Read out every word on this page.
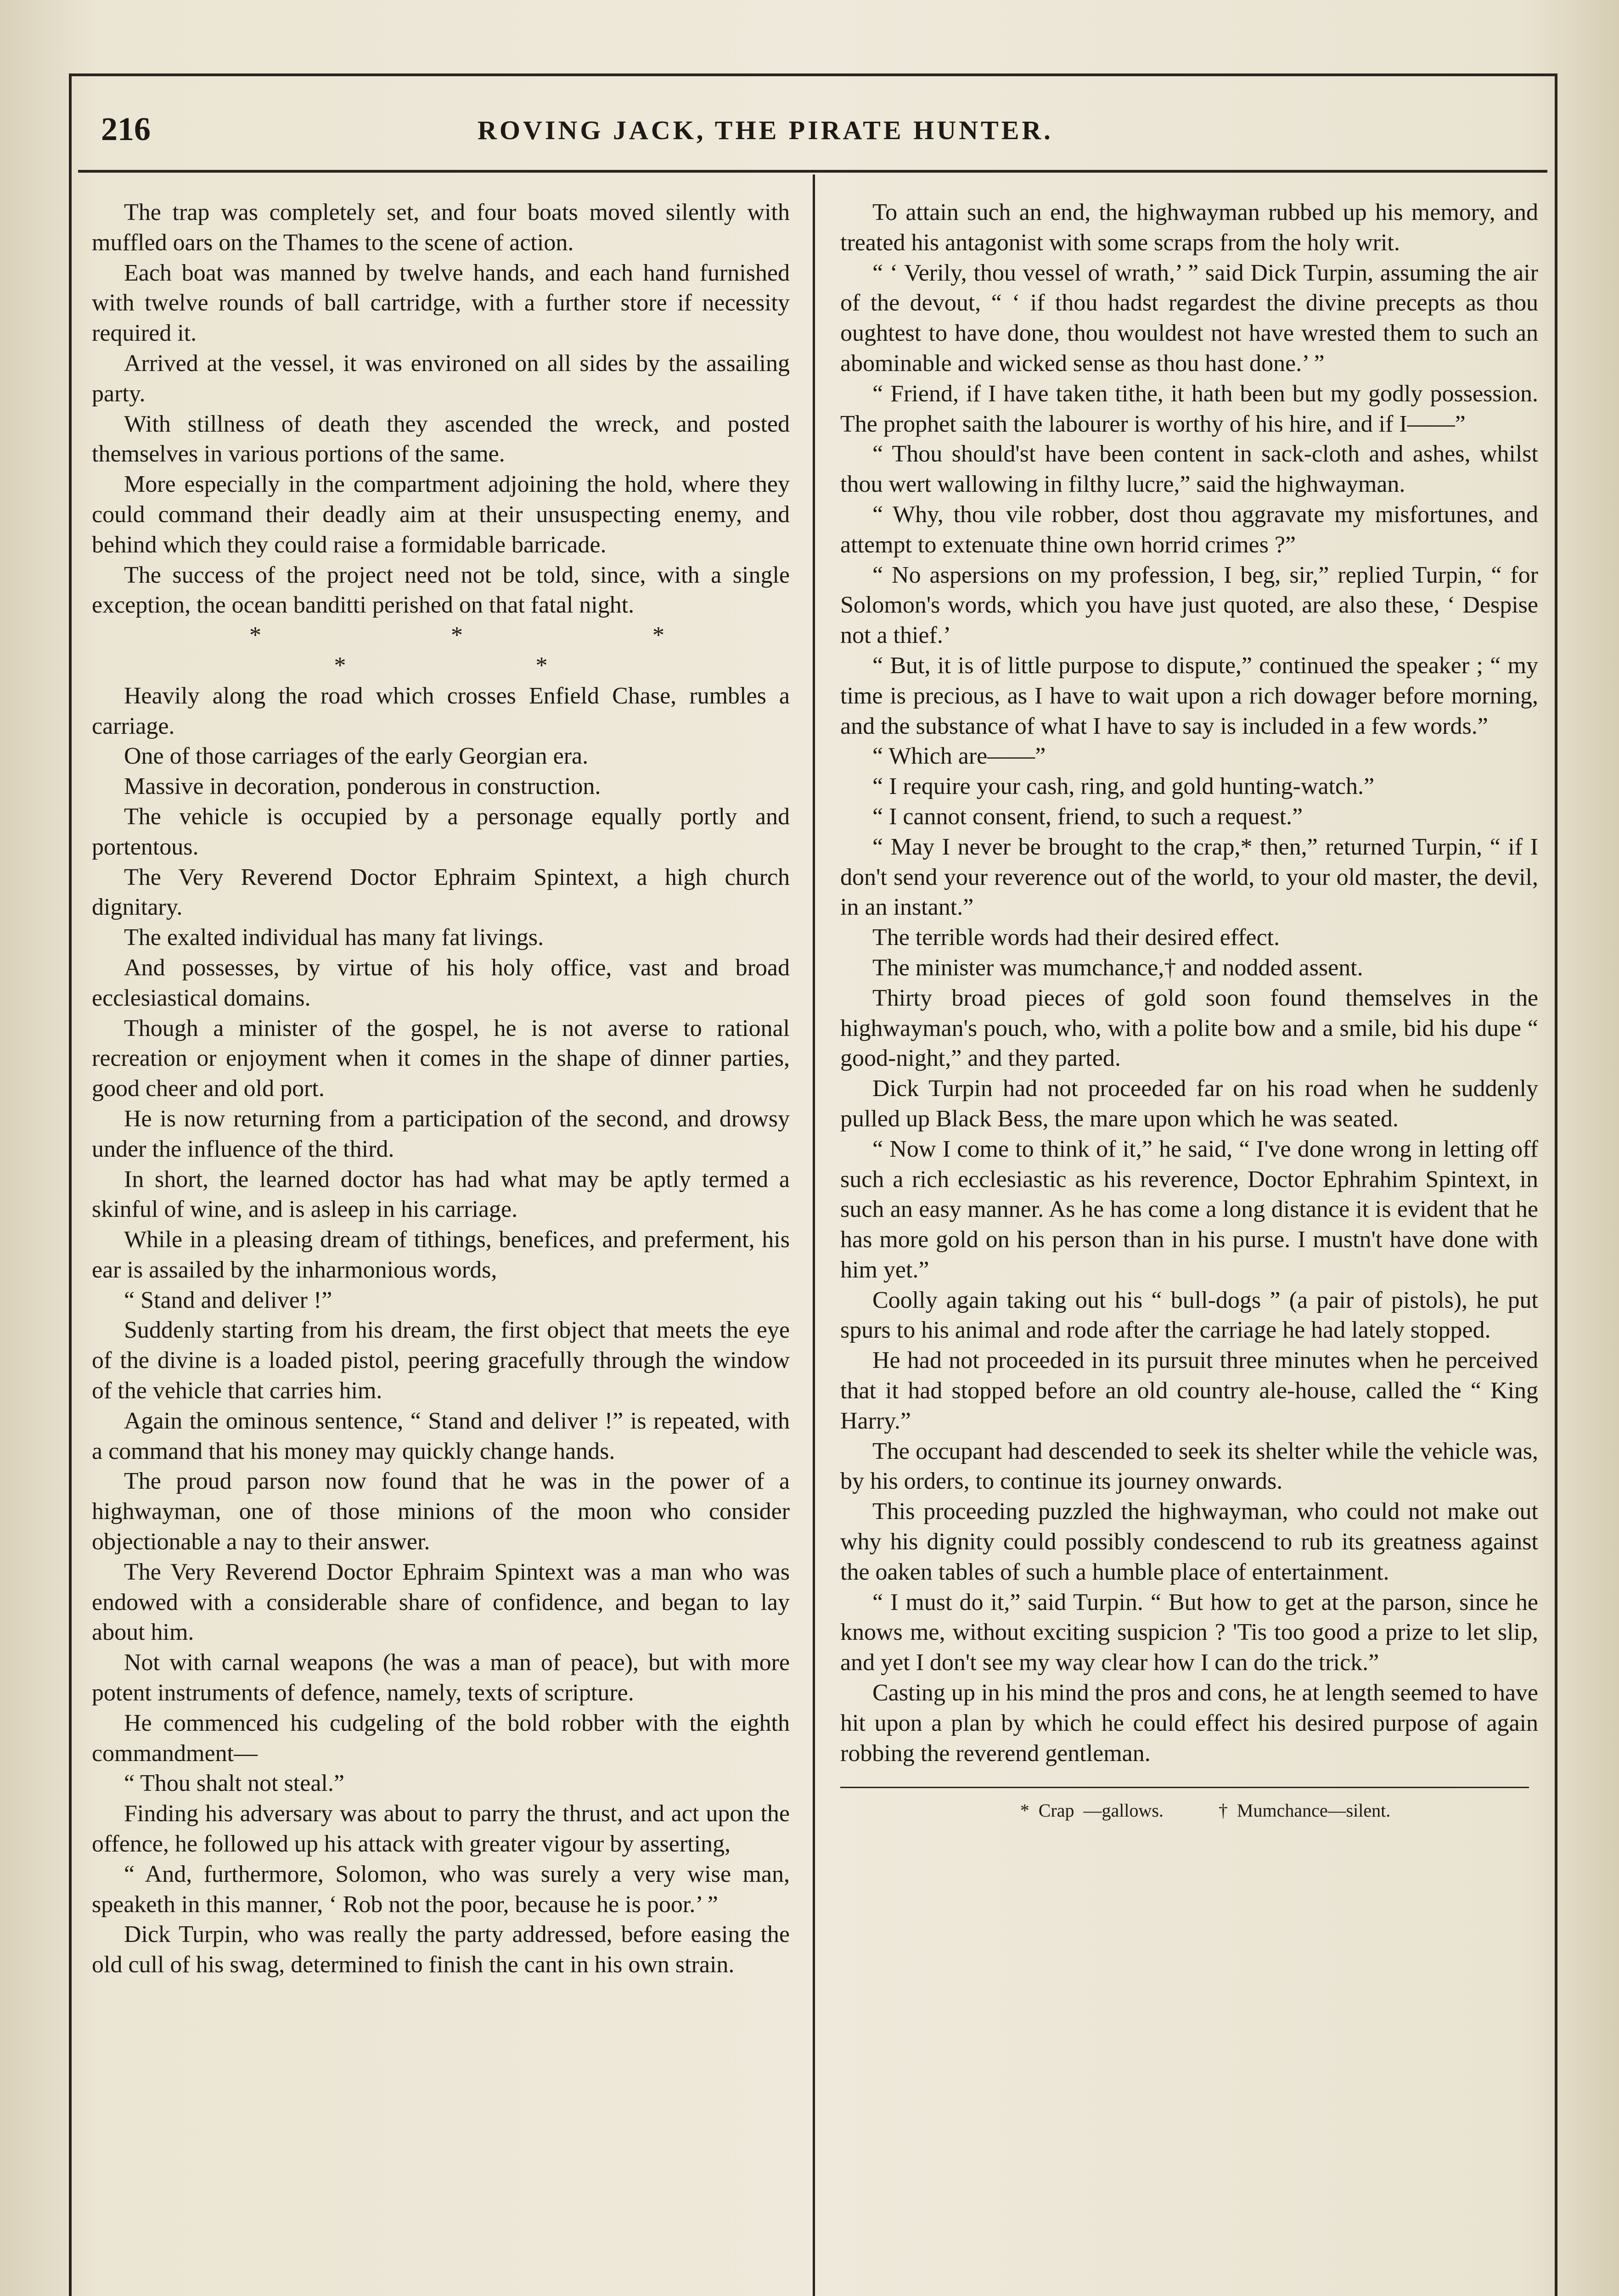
216	ROVING JACK, THE PIRATE HUNTER.

The trap was completely set, and four boats moved silently with muffled oars on the Thames to the scene of action.

Each boat was manned by twelve hands, and each hand furnished with twelve rounds of ball cartridge, with a further store if necessity required it.

Arrived at the vessel, it was environed on all sides by the assailing party.

With stillness of death they ascended the wreck, and posted themselves in various portions of the same.

More especially in the compartment adjoining the hold, where they could command their deadly aim at their unsuspecting enemy, and behind which they could raise a formidable barricade.

The success of the project need not be told, since, with a single exception, the ocean banditti perished on that fatal night.

* * * * *

Heavily along the road which crosses Enfield Chase, rumbles a carriage.

One of those carriages of the early Georgian era.

Massive in decoration, ponderous in construction.

The vehicle is occupied by a personage equally portly and portentous.

The Very Reverend Doctor Ephraim Spintext, a high church dignitary.

The exalted individual has many fat livings.

And possesses, by virtue of his holy office, vast and broad ecclesiastical domains.

Though a minister of the gospel, he is not averse to rational recreation or enjoyment when it comes in the shape of dinner parties, good cheer and old port.

He is now returning from a participation of the second, and drowsy under the influence of the third.

In short, the learned doctor has had what may be aptly termed a skinful of wine, and is asleep in his carriage.

While in a pleasing dream of tithings, benefices, and preferment, his ear is assailed by the inharmonious words,

“ Stand and deliver !”

Suddenly starting from his dream, the first object that meets the eye of the divine is a loaded pistol, peering gracefully through the window of the vehicle that carries him.

Again the ominous sentence, “ Stand and deliver !” is repeated, with a command that his money may quickly change hands.

The proud parson now found that he was in the power of a highwayman, one of those minions of the moon who consider objectionable a nay to their answer.

The Very Reverend Doctor Ephraim Spintext was a man who was endowed with a considerable share of confidence, and began to lay about him.

Not with carnal weapons (he was a man of peace), but with more potent instruments of defence, namely, texts of scripture.

He commenced his cudgeling of the bold robber with the eighth commandment—

“ Thou shalt not steal.”

Finding his adversary was about to parry the thrust, and act upon the offence, he followed up his attack with greater vigour by asserting,

“ And, furthermore, Solomon, who was surely a very wise man, speaketh in this manner, ‘ Rob not the poor, because he is poor.’ ”

Dick Turpin, who was really the party addressed, before easing the old cull of his swag, determined to finish the cant in his own strain.

To attain such an end, the highwayman rubbed up his memory, and treated his antagonist with some scraps from the holy writ.

“ ‘ Verily, thou vessel of wrath,’ ” said Dick Turpin, assuming the air of the devout, “ ‘ if thou hadst regardest the divine precepts as thou oughtest to have done, thou wouldest not have wrested them to such an abominable and wicked sense as thou hast done.’ ”

“ Friend, if I have taken tithe, it hath been but my godly possession. The prophet saith the labourer is worthy of his hire, and if I——”

“ Thou should'st have been content in sack-cloth and ashes, whilst thou wert wallowing in filthy lucre,” said the highwayman.

“ Why, thou vile robber, dost thou aggravate my misfortunes, and attempt to extenuate thine own horrid crimes ?”

“ No aspersions on my profession, I beg, sir,” replied Turpin, “ for Solomon's words, which you have just quoted, are also these, ‘ Despise not a thief.’

“ But, it is of little purpose to dispute,” continued the speaker ; “ my time is precious, as I have to wait upon a rich dowager before morning, and the substance of what I have to say is included in a few words.”

“ Which are——”

“ I require your cash, ring, and gold hunting-watch.”

“ I cannot consent, friend, to such a request.”

“ May I never be brought to the crap,* then,” returned Turpin, “ if I don't send your reverence out of the world, to your old master, the devil, in an instant.”

The terrible words had their desired effect.

The minister was mumchance,† and nodded assent.

Thirty broad pieces of gold soon found themselves in the highwayman's pouch, who, with a polite bow and a smile, bid his dupe “ good-night,” and they parted.

Dick Turpin had not proceeded far on his road when he suddenly pulled up Black Bess, the mare upon which he was seated.

“ Now I come to think of it,” he said, “ I've done wrong in letting off such a rich ecclesiastic as his reverence, Doctor Ephrahim Spintext, in such an easy manner. As he has come a long distance it is evident that he has more gold on his person than in his purse. I mustn't have done with him yet.”

Coolly again taking out his “ bull-dogs ” (a pair of pistols), he put spurs to his animal and rode after the carriage he had lately stopped.

He had not proceeded in its pursuit three minutes when he perceived that it had stopped before an old country ale-house, called the “ King Harry.”

The occupant had descended to seek its shelter while the vehicle was, by his orders, to continue its journey onwards.

This proceeding puzzled the highwayman, who could not make out why his dignity could possibly condescend to rub its greatness against the oaken tables of such a humble place of entertainment.

“ I must do it,” said Turpin. “ But how to get at the parson, since he knows me, without exciting suspicion ? 'Tis too good a prize to let slip, and yet I don't see my way clear how I can do the trick.”

Casting up in his mind the pros and cons, he at length seemed to have hit upon a plan by which he could effect his desired purpose of again robbing the reverend gentleman.

* Crap —gallows.	† Mumchance—silent.
